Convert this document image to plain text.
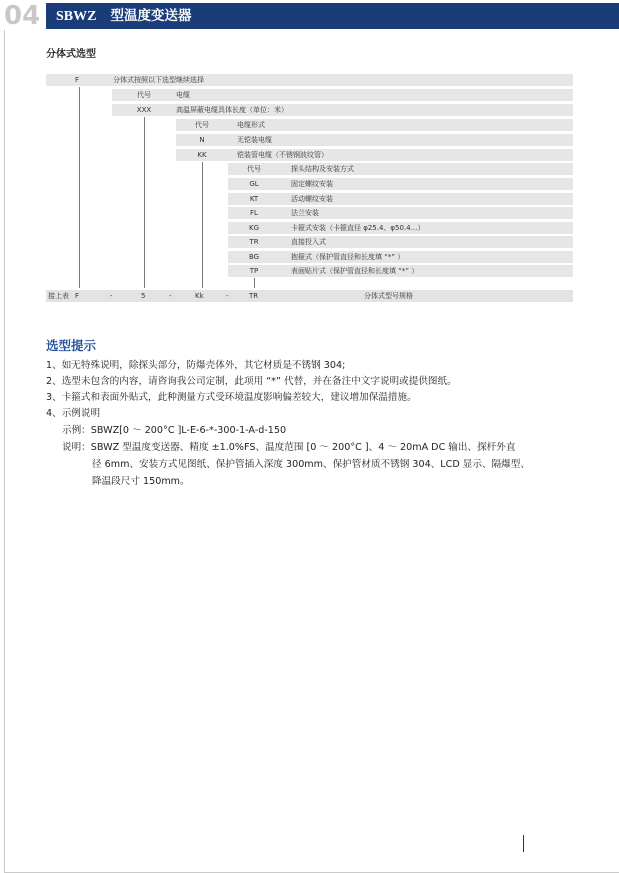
04	SBWZ 型温度变送器
分体式选型
F	分体式按照以下选型继续选择
代号	电缆
XXX	高温屏蔽电缆具体长度（单位：米）
代号	电缆形式
N	无铠装电缆
KK	铠装管电缆（不锈钢波纹管）
代号	探头结构及安装方式
GL	固定螺纹安装
KT	活动螺纹安装
FL	法兰安装
KG	卡箍式安装（卡箍直径 φ25.4、φ50.4…）
TR	直接投入式
BG	抱箍式（保护管直径和长度填 “*” ）
TP	表面贴片式（保护管直径和长度填 “*” ）
接上表 F	-	5	-	Kk	-	TR	分体式型号规格
选型提示
1、如无特殊说明，除探头部分，防爆壳体外，其它材质是不锈钢 304;
2、选型未包含的内容，请咨询我公司定制，此项用 “*” 代替，并在备注中文字说明或提供图纸。
3、卡箍式和表面外贴式，此种测量方式受环境温度影响偏差较大，建议增加保温措施。
4、示例说明
示例：SBWZ[0 ～ 200°C ]L-E-6-*-300-1-A-d-150
说明：SBWZ 型温度变送器、精度 ±1.0%FS、温度范围 [0 ～ 200°C ]、4 ～ 20mA DC 输出、探杆外直
径 6mm、安装方式见图纸、保护管插入深度 300mm、保护管材质不锈钢 304、LCD 显示、隔爆型、
降温段尺寸 150mm。
